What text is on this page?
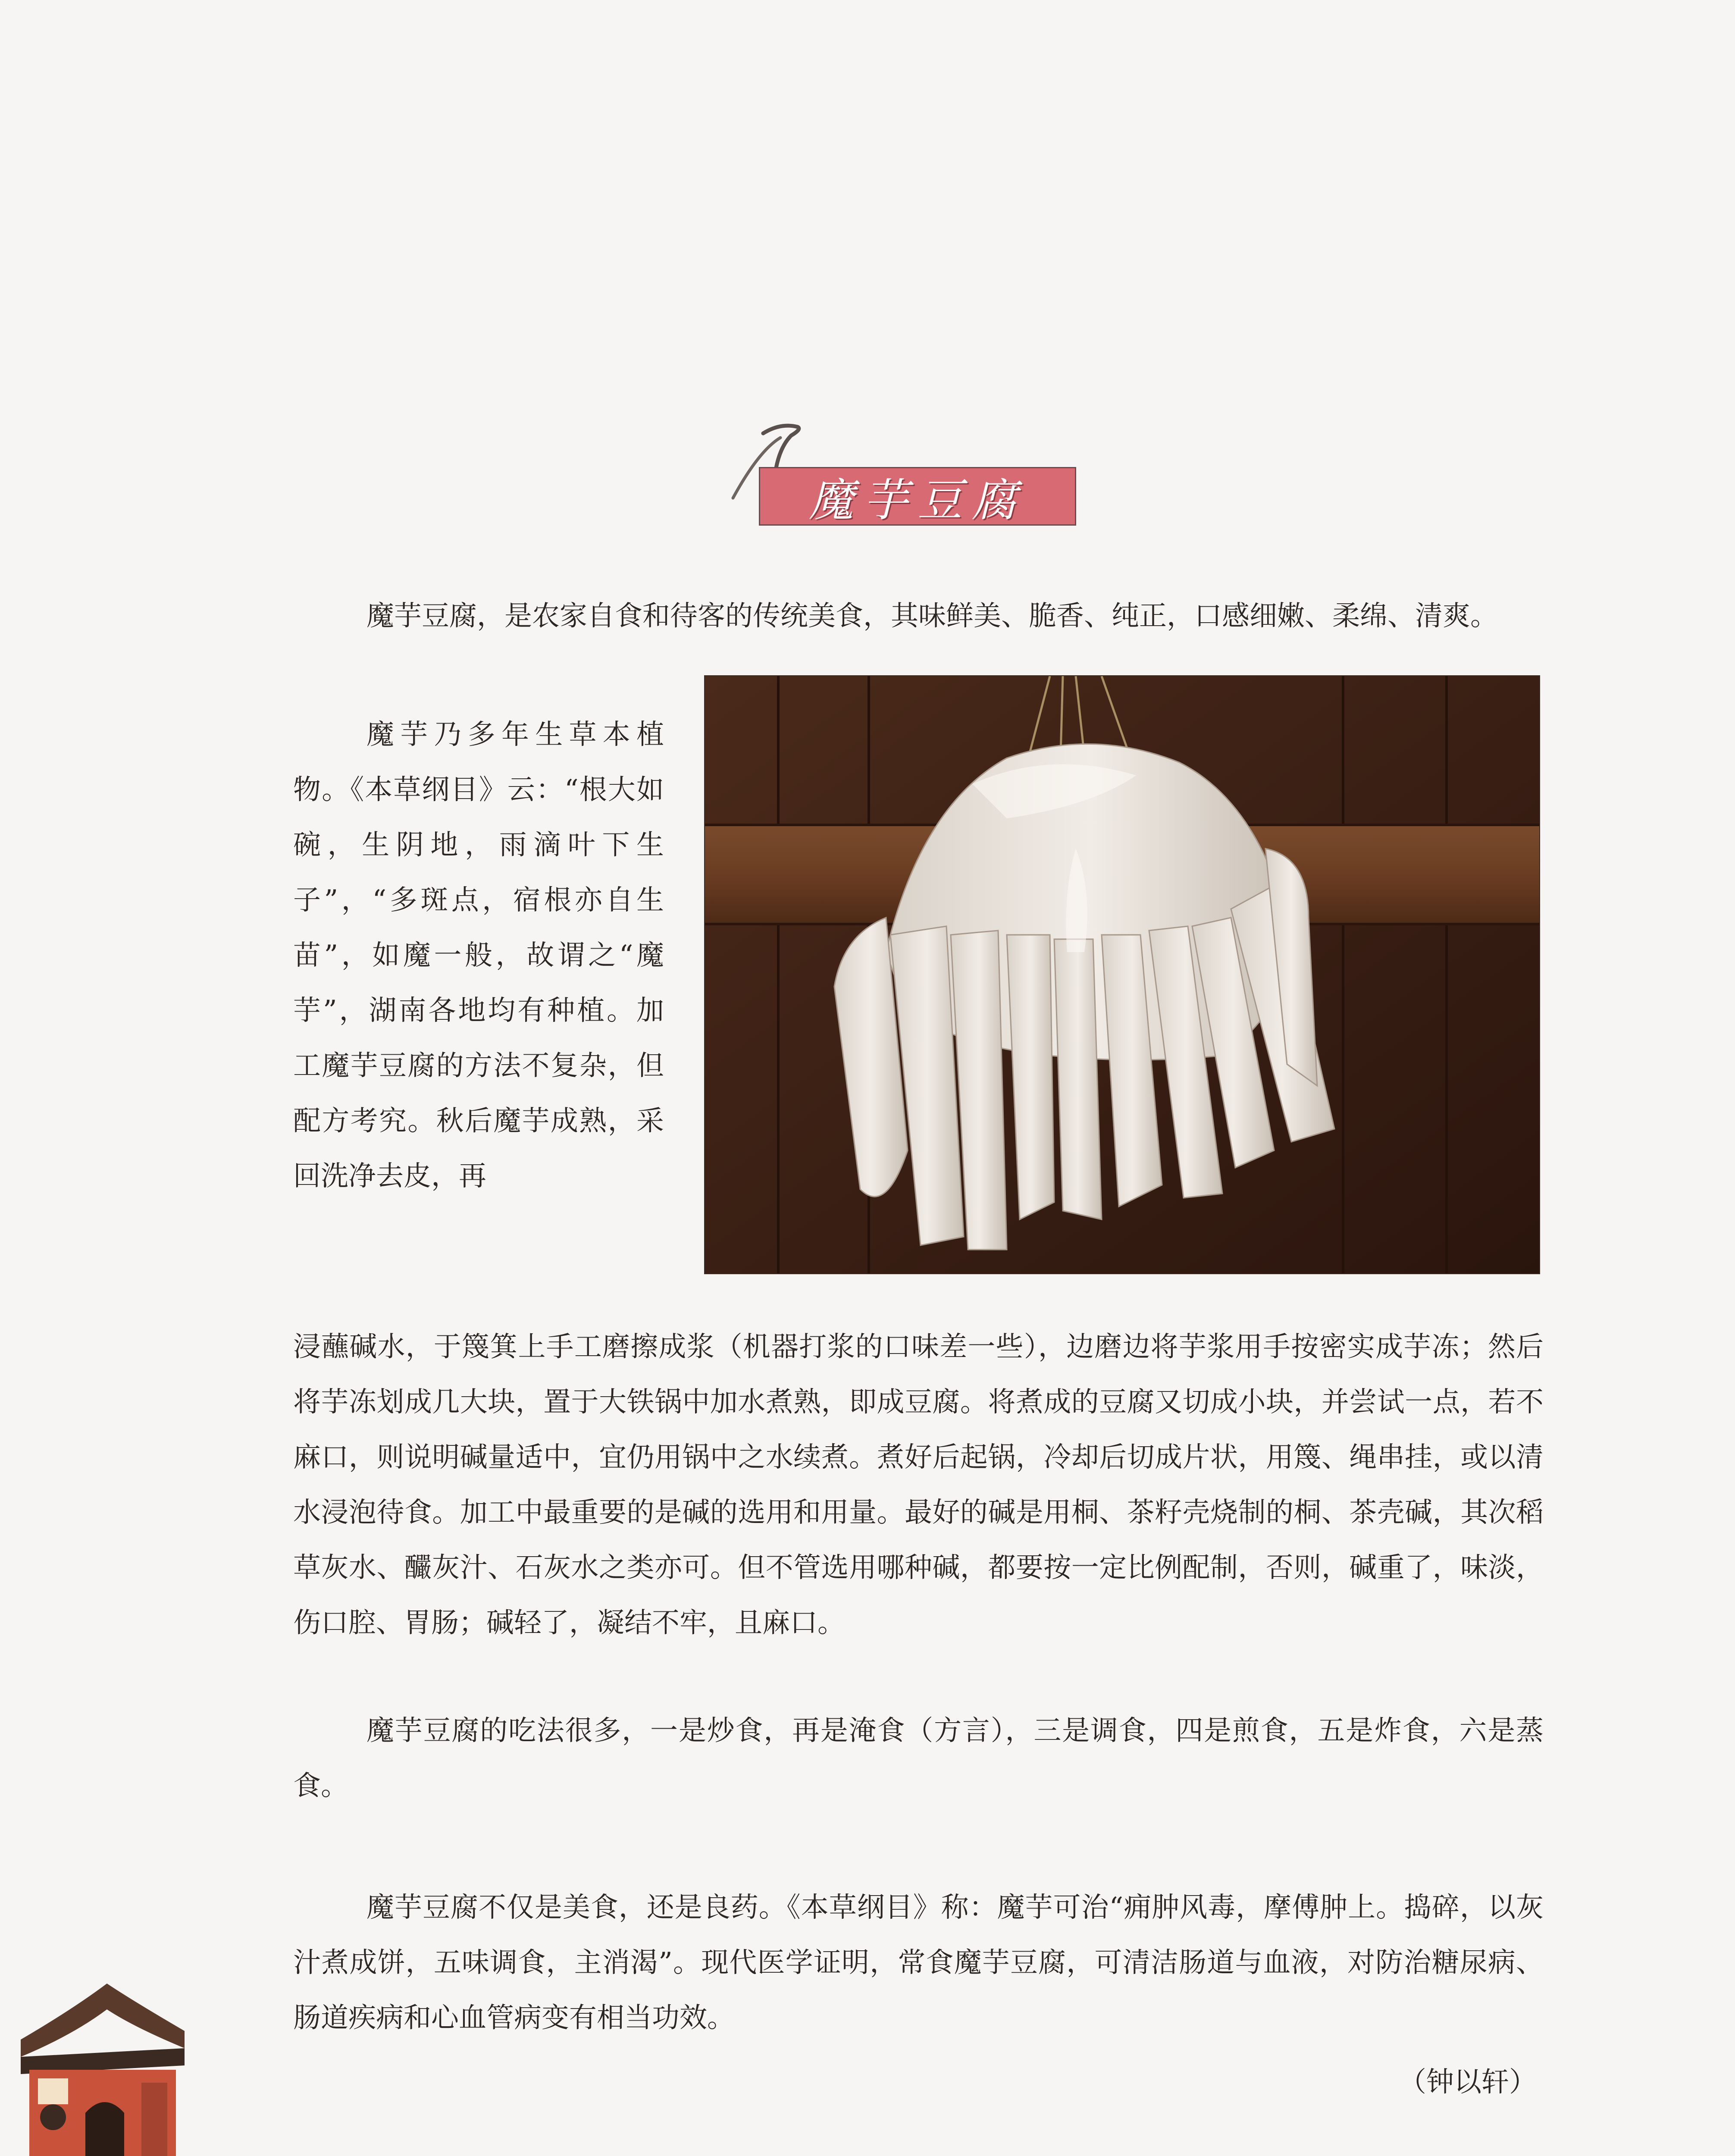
魔芋豆腐

魔芋豆腐，是农家自食和待客的传统美食，其味鲜美、脆香、纯正，口感细嫩、柔绵、清爽。

魔芋乃多年生草本植物。《本草纲目》云：“根大如碗，生阴地，雨滴叶下生子”，“多斑点，宿根亦自生苗”，如魔一般，故谓之“魔芋”，湖南各地均有种植。加工魔芋豆腐的方法不复杂，但配方考究。秋后魔芋成熟，采回洗净去皮，再

浸蘸碱水，于篾箕上手工磨擦成浆（机器打浆的口味差一些），边磨边将芋浆用手按密实成芋冻；然后将芋冻划成几大块，置于大铁锅中加水煮熟，即成豆腐。将煮成的豆腐又切成小块，并尝试一点，若不麻口，则说明碱量适中，宜仍用锅中之水续煮。煮好后起锅，冷却后切成片状，用篾、绳串挂，或以清水浸泡待食。加工中最重要的是碱的选用和用量。最好的碱是用桐、茶籽壳烧制的桐、茶壳碱，其次稻草灰水、釅灰汁、石灰水之类亦可。但不管选用哪种碱，都要按一定比例配制，否则，碱重了，味淡，伤口腔、胃肠；碱轻了，凝结不牢，且麻口。

魔芋豆腐的吃法很多，一是炒食，再是淹食（方言），三是调食，四是煎食，五是炸食，六是蒸食。

魔芋豆腐不仅是美食，还是良药。《本草纲目》称：魔芋可治“痈肿风毒，摩傅肿上。捣碎，以灰汁煮成饼，五味调食，主消渴”。现代医学证明，常食魔芋豆腐，可清洁肠道与血液，对防治糖尿病、肠道疾病和心血管病变有相当功效。

（钟以轩）
